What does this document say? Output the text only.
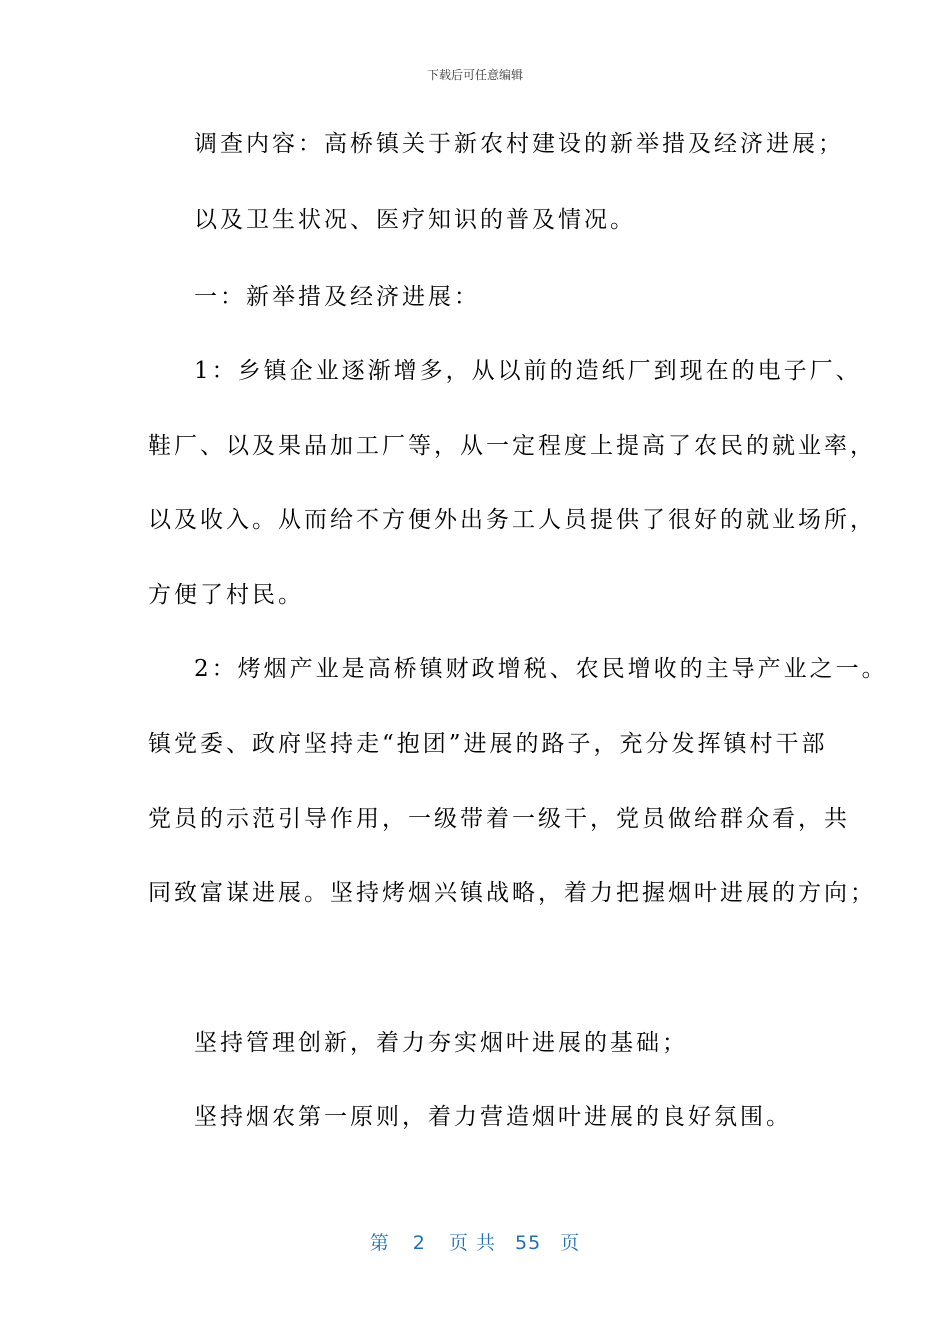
下载后可任意编辑
调查内容：高桥镇关于新农村建设的新举措及经济进展；
以及卫生状况、医疗知识的普及情况。
一：新举措及经济进展：
1：乡镇企业逐渐增多，从以前的造纸厂到现在的电子厂、
鞋厂、以及果品加工厂等，从一定程度上提高了农民的就业率，
以及收入。从而给不方便外出务工人员提供了很好的就业场所，
方便了村民。
2：烤烟产业是高桥镇财政增税、农民增收的主导产业之一。
镇党委、政府坚持走“抱团”进展的路子，充分发挥镇村干部
党员的示范引导作用，一级带着一级干，党员做给群众看，共
同致富谋进展。坚持烤烟兴镇战略，着力把握烟叶进展的方向；
坚持管理创新，着力夯实烟叶进展的基础；
坚持烟农第一原则，着力营造烟叶进展的良好氛围。
第 2 页 共 55 页
